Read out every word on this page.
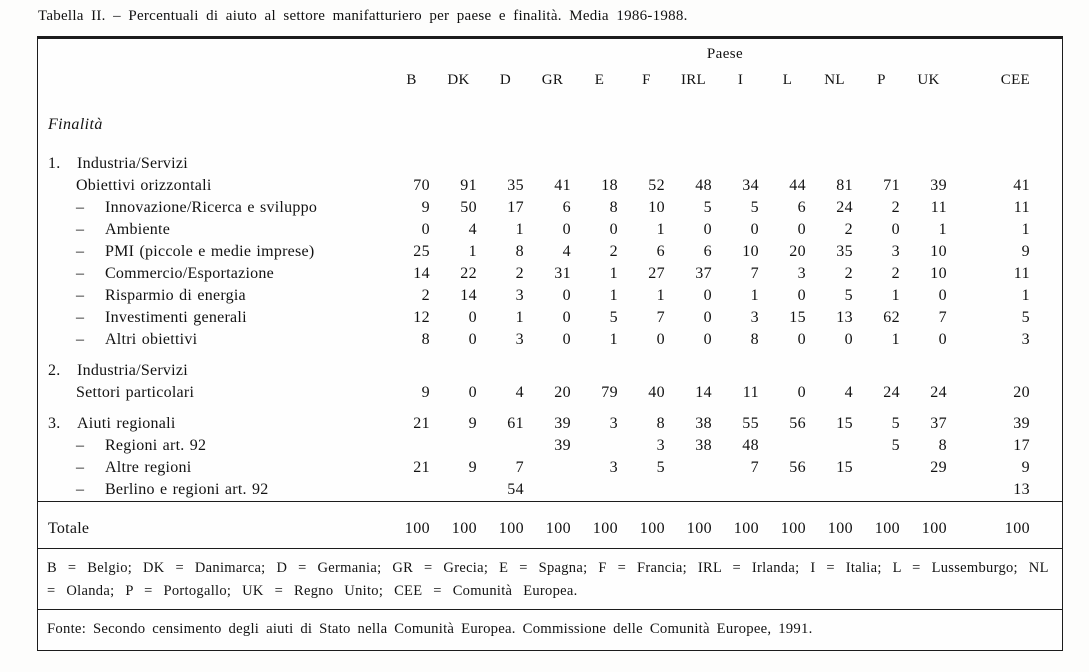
Tabella II. – Percentuali di aiuto al settore manifatturiero per paese e finalità. Media 1986-1988.
	Paese												
	B	DK	D	GR	E	F	IRL	I	L	NL	P	UK	CEE
Finalità													
1. Industria/Servizi													
Obiettivi orizzontali	70	91	35	41	18	52	48	34	44	81	71	39	41
– Innovazione/Ricerca e sviluppo	9	50	17	6	8	10	5	5	6	24	2	11	11
– Ambiente	0	4	1	0	0	1	0	0	0	2	0	1	1
– PMI (piccole e medie imprese)	25	1	8	4	2	6	6	10	20	35	3	10	9
– Commercio/Esportazione	14	22	2	31	1	27	37	7	3	2	2	10	11
– Risparmio di energia	2	14	3	0	1	1	0	1	0	5	1	0	1
– Investimenti generali	12	0	1	0	5	7	0	3	15	13	62	7	5
– Altri obiettivi	8	0	3	0	1	0	0	8	0	0	1	0	3
2. Industria/Servizi													
Settori particolari	9	0	4	20	79	40	14	11	0	4	24	24	20
3. Aiuti regionali	21	9	61	39	3	8	38	55	56	15	5	37	39
– Regioni art. 92				39		3	38	48			5	8	17
– Altre regioni	21	9	7		3	5		7	56	15		29	9
– Berlino e regioni art. 92			54										13
Totale	100	100	100	100	100	100	100	100	100	100	100	100	100
B = Belgio; DK = Danimarca; D = Germania; GR = Grecia; E = Spagna; F = Francia; IRL = Irlanda; I = Italia; L = Lussemburgo; NL = Olanda; P = Portogallo; UK = Regno Unito; CEE = Comunità Europea.
Fonte: Secondo censimento degli aiuti di Stato nella Comunità Europea. Commissione delle Comunità Europee, 1991.
